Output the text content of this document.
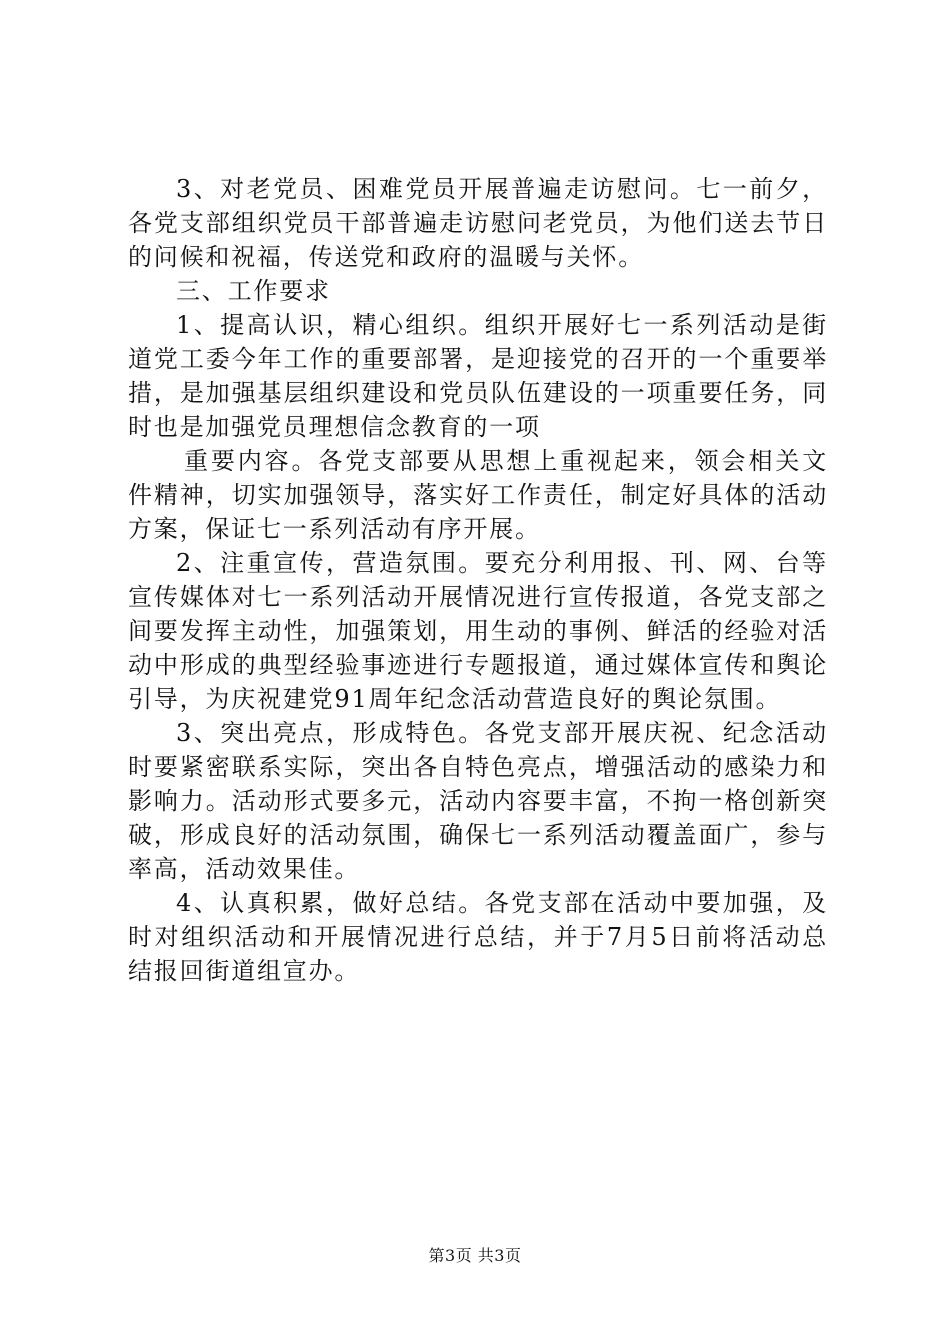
3、对老党员、困难党员开展普遍走访慰问。七一前夕，各党支部组织党员干部普遍走访慰问老党员，为他们送去节日的问候和祝福，传送党和政府的温暖与关怀。

三、工作要求

1、提高认识，精心组织。组织开展好七一系列活动是街道党工委今年工作的重要部署，是迎接党的召开的一个重要举措，是加强基层组织建设和党员队伍建设的一项重要任务，同时也是加强党员理想信念教育的一项

重要内容。各党支部要从思想上重视起来，领会相关文件精神，切实加强领导，落实好工作责任，制定好具体的活动方案，保证七一系列活动有序开展。

2、注重宣传，营造氛围。要充分利用报、刊、网、台等宣传媒体对七一系列活动开展情况进行宣传报道，各党支部之间要发挥主动性，加强策划，用生动的事例、鲜活的经验对活动中形成的典型经验事迹进行专题报道，通过媒体宣传和舆论引导，为庆祝建党91周年纪念活动营造良好的舆论氛围。

3、突出亮点，形成特色。各党支部开展庆祝、纪念活动时要紧密联系实际，突出各自特色亮点，增强活动的感染力和影响力。活动形式要多元，活动内容要丰富，不拘一格创新突破，形成良好的活动氛围，确保七一系列活动覆盖面广，参与率高，活动效果佳。

4、认真积累，做好总结。各党支部在活动中要加强，及时对组织活动和开展情况进行总结，并于7月5日前将活动总结报回街道组宣办。

第3页 共3页
